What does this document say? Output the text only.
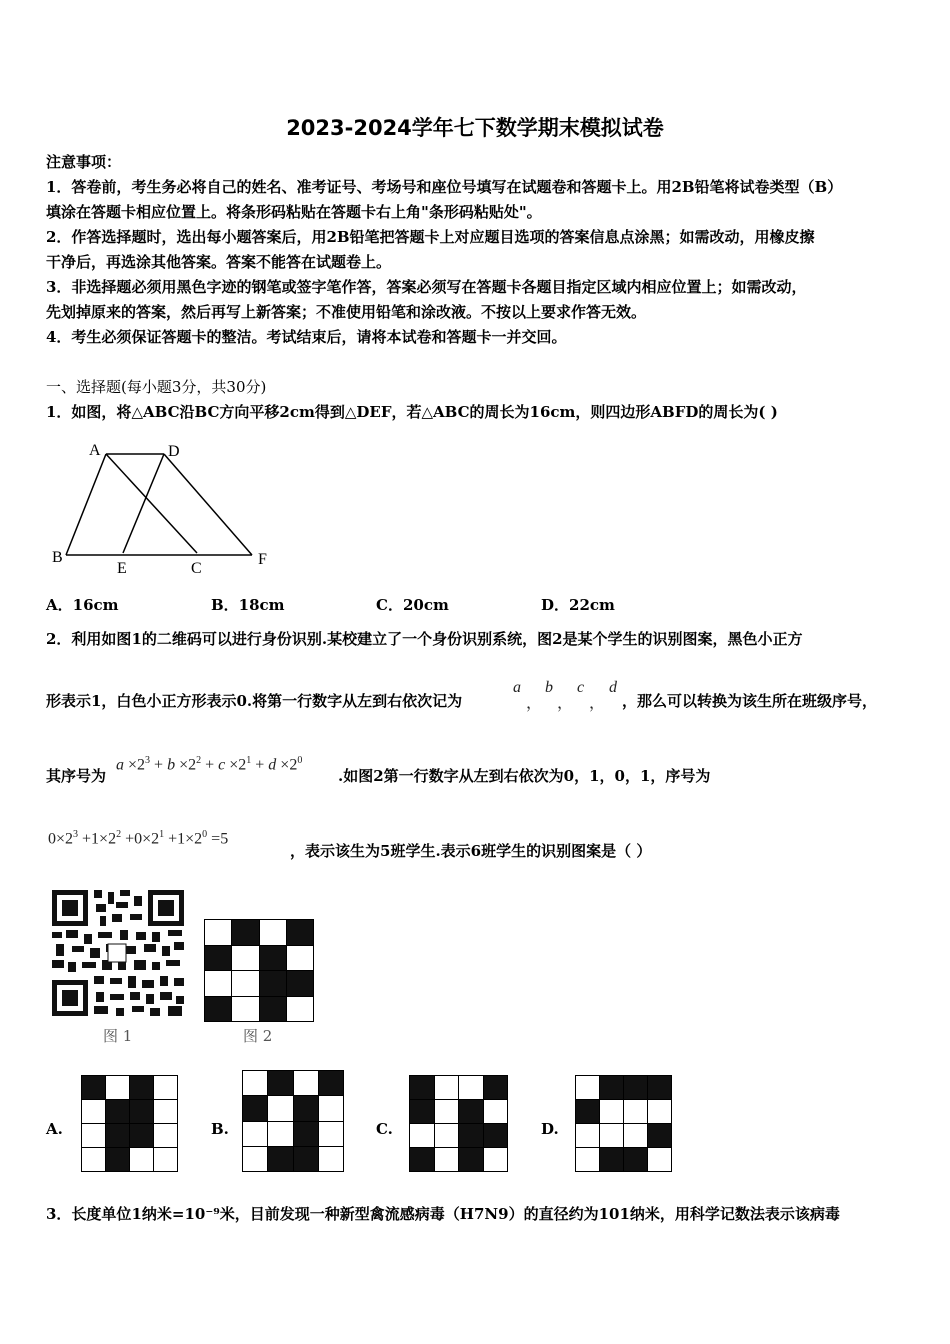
2023-2024学年七下数学期末模拟试卷
注意事项：
1．答卷前，考生务必将自己的姓名、准考证号、考场号和座位号填写在试题卷和答题卡上。用2B铅笔将试卷类型（B）
填涂在答题卡相应位置上。将条形码粘贴在答题卡右上角"条形码粘贴处"。
2．作答选择题时，选出每小题答案后，用2B铅笔把答题卡上对应题目选项的答案信息点涂黑；如需改动，用橡皮擦
干净后，再选涂其他答案。答案不能答在试题卷上。
3．非选择题必须用黑色字迹的钢笔或签字笔作答，答案必须写在答题卡各题目指定区域内相应位置上；如需改动，
先划掉原来的答案，然后再写上新答案；不准使用铅笔和涂改液。不按以上要求作答无效。
4．考生必须保证答题卡的整洁。考试结束后，请将本试卷和答题卡一并交回。
一、选择题(每小题3分，共30分)
1．如图，将△ABC沿BC方向平移2cm得到△DEF，若△ABC的周长为16cm，则四边形ABFD的周长为( )
A	D
B
E	C
F
A．16cm	B．18cm	C．20cm	D．22cm
2．利用如图1的二维码可以进行身份识别.某校建立了一个身份识别系统，图2是某个学生的识别图案，黑色小正方
形表示1，白色小正方形表示0.将第一行数字从左到右依次记为
a
，
b
，
c
，
d
，那么可以转换为该生所在班级序号，
其序号为
$a \times 2^3 + b \times 2^2 + c \times 2^1 + d \times 2^0$
.如图2第一行数字从左到右依次为0，1，0，1，序号为
$0\times 2^3 +1\times 2^2 +0\times 2^1 +1\times 2^0 =5$
，表示该生为5班学生.表示6班学生的识别图案是（ ）
图 1	图 2
A.	B.	C.	D.
3．长度单位1纳米=10⁻⁹米，目前发现一种新型禽流感病毒（H7N9）的直径约为101纳米，用科学记数法表示该病毒
